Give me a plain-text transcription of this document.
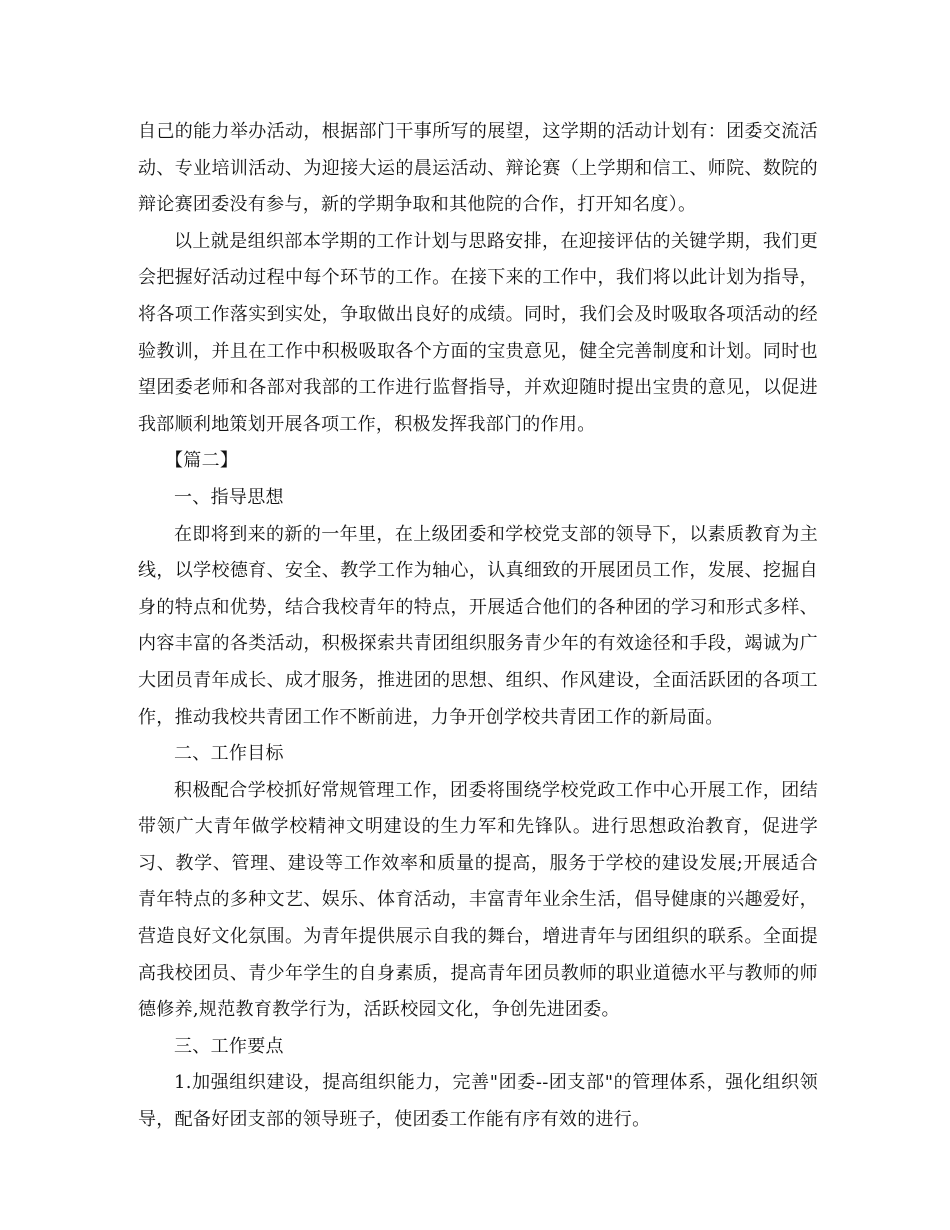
自己的能力举办活动，根据部门干事所写的展望，这学期的活动计划有：团委交流活动、专业培训活动、为迎接大运的晨运活动、辩论赛（上学期和信工、师院、数院的辩论赛团委没有参与，新的学期争取和其他院的合作，打开知名度）。

以上就是组织部本学期的工作计划与思路安排，在迎接评估的关键学期，我们更会把握好活动过程中每个环节的工作。在接下来的工作中，我们将以此计划为指导，将各项工作落实到实处，争取做出良好的成绩。同时，我们会及时吸取各项活动的经验教训，并且在工作中积极吸取各个方面的宝贵意见，健全完善制度和计划。同时也望团委老师和各部对我部的工作进行监督指导，并欢迎随时提出宝贵的意见，以促进我部顺利地策划开展各项工作，积极发挥我部门的作用。

【篇二】

一、指导思想

在即将到来的新的一年里，在上级团委和学校党支部的领导下，以素质教育为主线，以学校德育、安全、教学工作为轴心，认真细致的开展团员工作，发展、挖掘自身的特点和优势，结合我校青年的特点，开展适合他们的各种团的学习和形式多样、内容丰富的各类活动，积极探索共青团组织服务青少年的有效途径和手段，竭诚为广大团员青年成长、成才服务，推进团的思想、组织、作风建设，全面活跃团的各项工作，推动我校共青团工作不断前进，力争开创学校共青团工作的新局面。

二、工作目标

积极配合学校抓好常规管理工作，团委将围绕学校党政工作中心开展工作，团结带领广大青年做学校精神文明建设的生力军和先锋队。进行思想政治教育，促进学习、教学、管理、建设等工作效率和质量的提高，服务于学校的建设发展;开展适合青年特点的多种文艺、娱乐、体育活动，丰富青年业余生活，倡导健康的兴趣爱好，营造良好文化氛围。为青年提供展示自我的舞台，增进青年与团组织的联系。全面提高我校团员、青少年学生的自身素质，提高青年团员教师的职业道德水平与教师的师德修养,规范教育教学行为，活跃校园文化，争创先进团委。

三、工作要点

1.加强组织建设，提高组织能力，完善"团委--团支部"的管理体系，强化组织领导，配备好团支部的领导班子，使团委工作能有序有效的进行。
